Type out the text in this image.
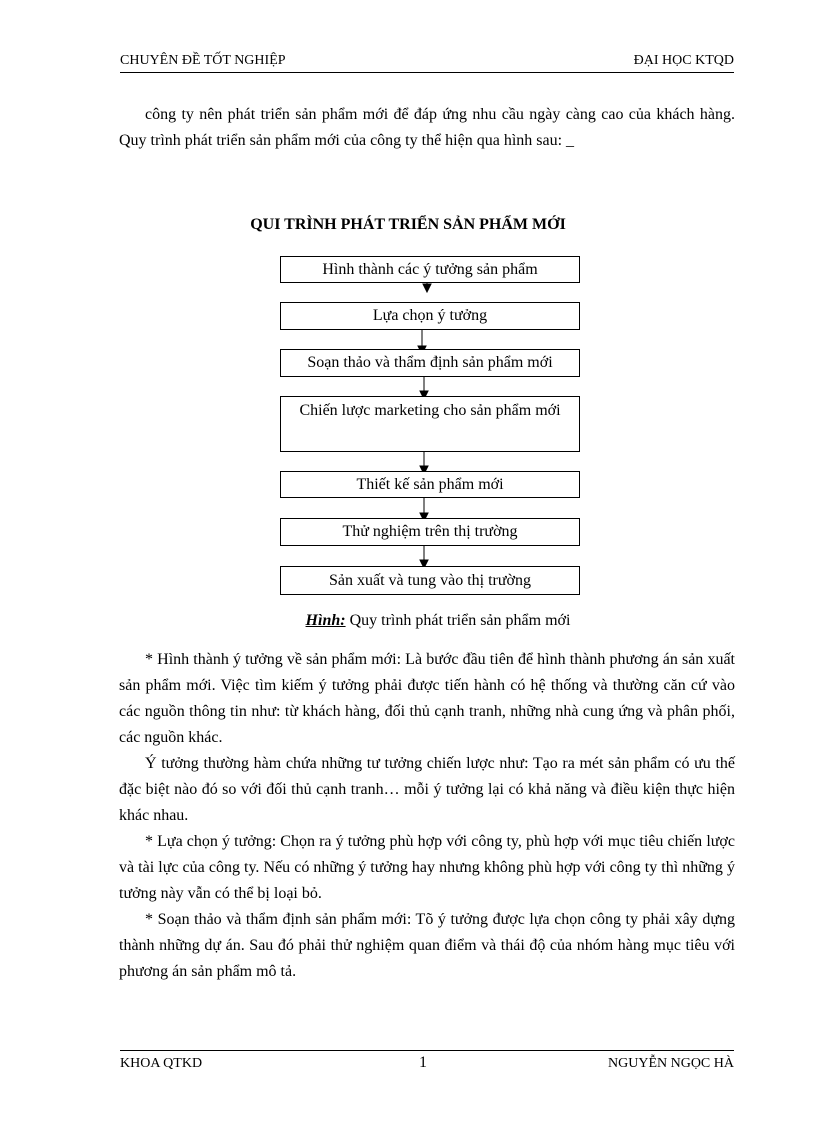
CHUYÊN ĐỀ TỐT NGHIỆP	ĐẠI HỌC KTQD

công ty nên phát triển sản phẩm mới để đáp ứng nhu cầu ngày càng cao của khách hàng. Quy trình phát triển sản phẩm mới của công ty thể hiện qua hình sau: _

QUI TRÌNH PHÁT TRIỂN SẢN PHẨM MỚI
Hình thành các ý tưởng sản phẩm
Lựa chọn ý tưởng
Soạn thảo và thẩm định sản phẩm mới
Chiến lược marketing cho sản phẩm mới
Thiết kế sản phẩm mới
Thử nghiệm trên thị trường
Sản xuất và tung vào thị trường
Hình: Quy trình phát triển sản phẩm mới

* Hình thành ý tưởng về sản phẩm mới: Là bước đầu tiên để hình thành phương án sản xuất sản phẩm mới. Việc tìm kiếm ý tưởng phải được tiến hành có hệ thống và thường căn cứ vào các nguồn thông tin như: từ khách hàng, đối thủ cạnh tranh, những nhà cung ứng và phân phối, các nguồn khác.

Ý tưởng thường hàm chứa những tư tưởng chiến lược như: Tạo ra mét sản phẩm có ưu thế đặc biệt nào đó so với đối thủ cạnh tranh… mỗi ý tưởng lại có khả năng và điều kiện thực hiện khác nhau.

* Lựa chọn ý tưởng: Chọn ra ý tưởng phù hợp với công ty, phù hợp với mục tiêu chiến lược và tài lực của công ty. Nếu có những ý tưởng hay nhưng không phù hợp với công ty thì những ý tưởng này vẫn có thể bị loại bỏ.

* Soạn thảo và thẩm định sản phẩm mới: Tõ ý tưởng được lựa chọn công ty phải xây dựng thành những dự án. Sau đó phải thử nghiệm quan điểm và thái độ của nhóm hàng mục tiêu với phương án sản phẩm mô tả.

KHOA QTKD	1	NGUYỄN NGỌC HÀ
